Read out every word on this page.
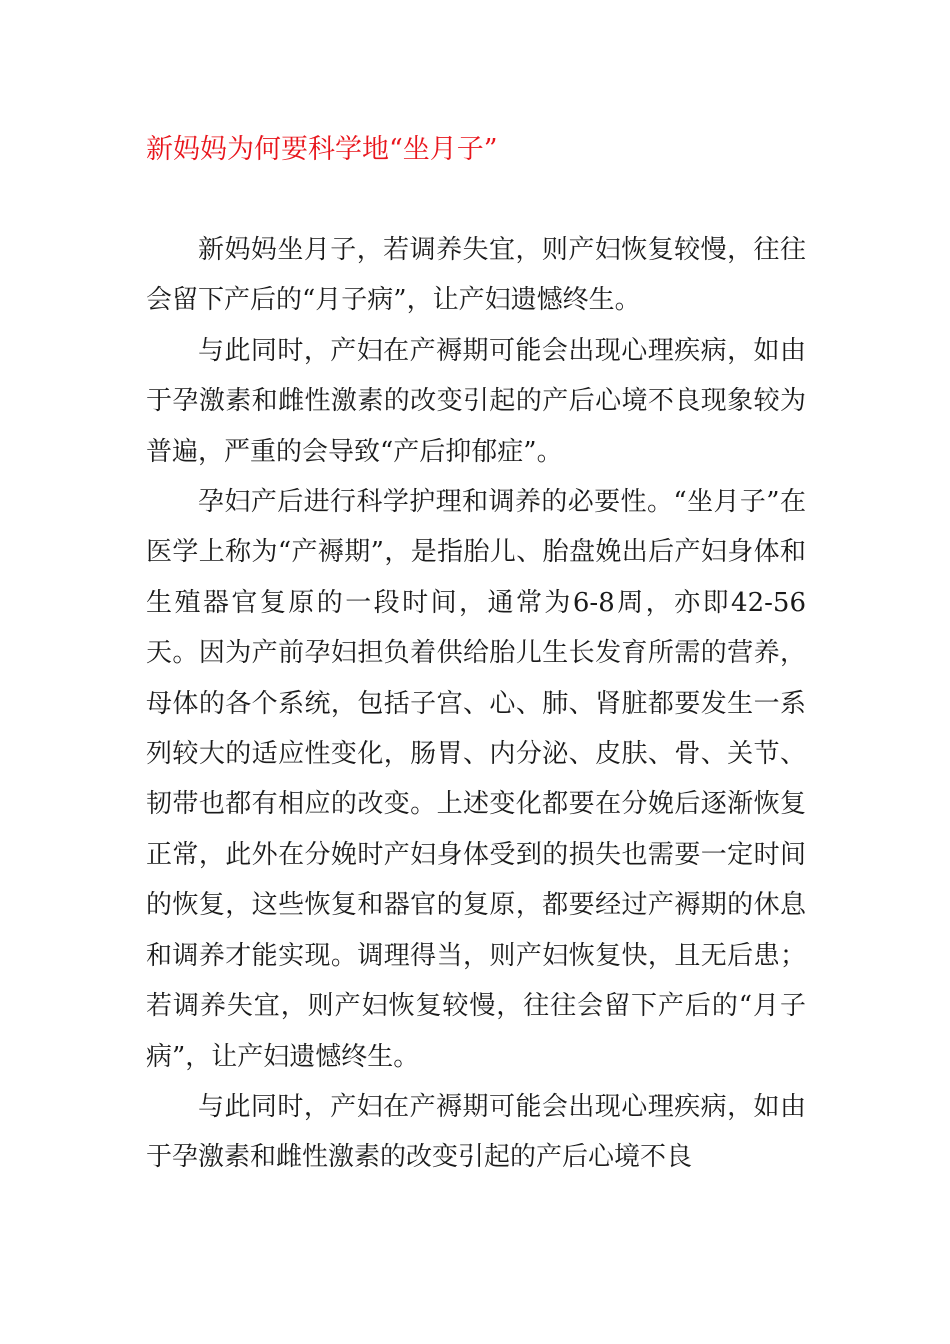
新妈妈为何要科学地“坐月子”

新妈妈坐月子，若调养失宜，则产妇恢复较慢，往往会留下产后的“月子病”，让产妇遗憾终生。

与此同时，产妇在产褥期可能会出现心理疾病，如由于孕激素和雌性激素的改变引起的产后心境不良现象较为普遍，严重的会导致“产后抑郁症”。

孕妇产后进行科学护理和调养的必要性。“坐月子”在医学上称为“产褥期”，是指胎儿、胎盘娩出后产妇身体和生殖器官复原的一段时间，通常为6-8周，亦即42-56天。因为产前孕妇担负着供给胎儿生长发育所需的营养，母体的各个系统，包括子宫、心、肺、肾脏都要发生一系列较大的适应性变化，肠胃、内分泌、皮肤、骨、关节、韧带也都有相应的改变。上述变化都要在分娩后逐渐恢复正常，此外在分娩时产妇身体受到的损失也需要一定时间的恢复，这些恢复和器官的复原，都要经过产褥期的休息和调养才能实现。调理得当，则产妇恢复快，且无后患；若调养失宜，则产妇恢复较慢，往往会留下产后的“月子病”，让产妇遗憾终生。

与此同时，产妇在产褥期可能会出现心理疾病，如由于孕激素和雌性激素的改变引起的产后心境不良
